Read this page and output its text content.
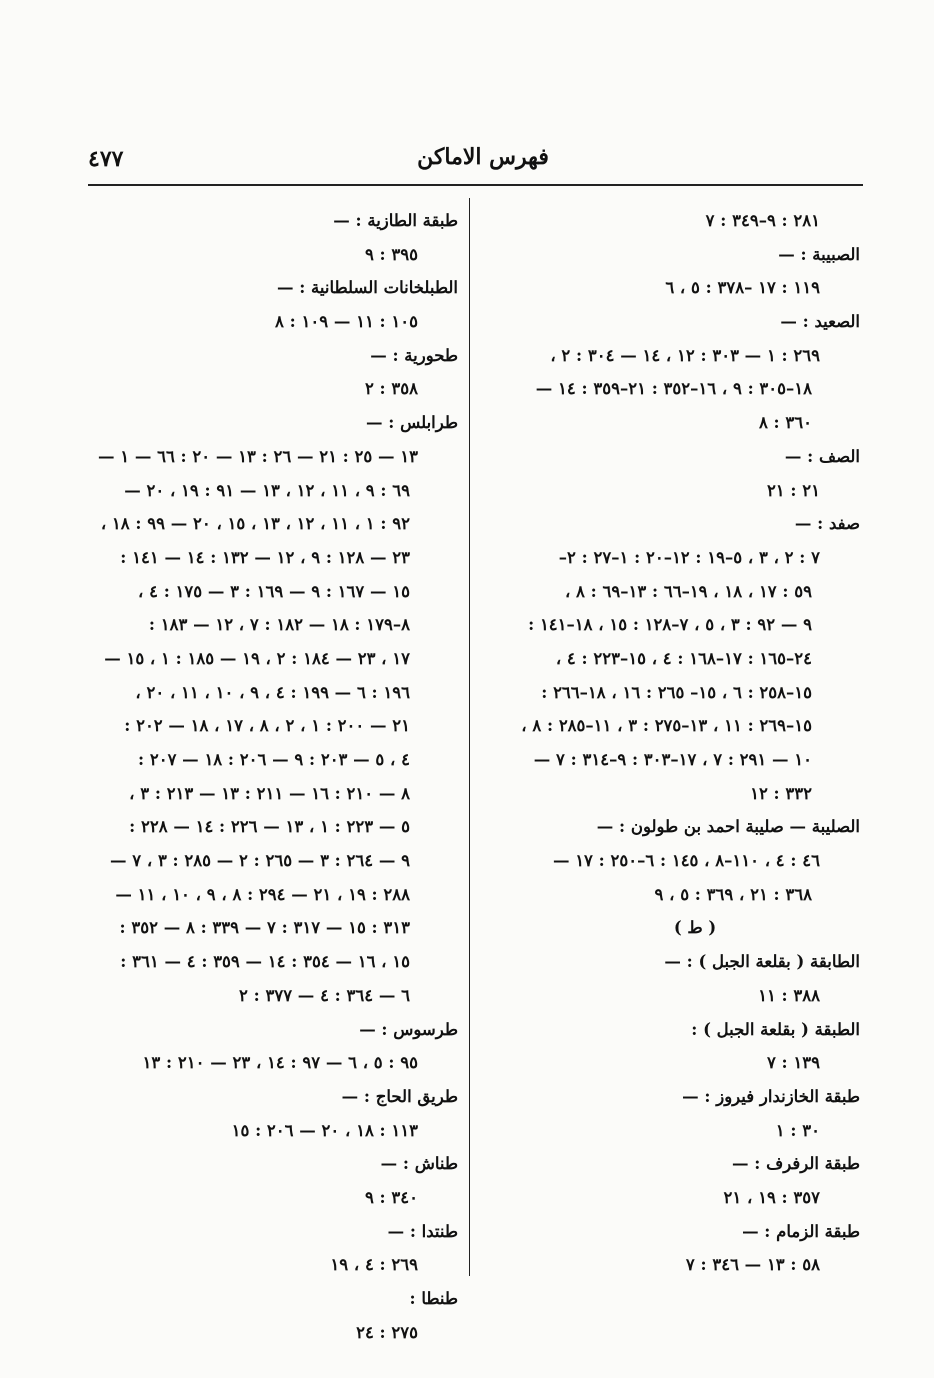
٤٧٧	فهرس الاماكن
٢٨١ : ٩–٣٤٩ : ٧
الصبيبة : —
١١٩ : ١٧ –٣٧٨ : ٥ ، ٦
الصعيد : —
٢٦٩ : ١ — ٣٠٣ : ١٢ ، ١٤ — ٣٠٤ : ٢ ،
١٨–٣٠٥ : ٩ ، ١٦–٣٥٢ : ٢١–٣٥٩ : ١٤ —
٣٦٠ : ٨
الصف : —
٢١ : ٢١
صفد : —
٧ : ٢ ، ٣ ، ٥–١٩ : ١٢–٢٠ : ١–٢٧ : ٢–
٥٩ : ١٧ ، ١٨ ، ١٩–٦٦ : ١٣–٦٩ : ٨ ،
٩ — ٩٢ : ٣ ، ٥ ، ٧–١٢٨ : ١٥ ، ١٨–١٤١ :
٢٤–١٦٥ : ١٧–١٦٨ : ٤ ، ١٥–٢٢٣ : ٤ ،
١٥–٢٥٨ : ٦ ، ١٥– ٢٦٥ : ١٦ ، ١٨–٢٦٦ :
١٥–٢٦٩ : ١١ ، ١٣–٢٧٥ : ٣ ، ١١–٢٨٥ : ٨ ،
١٠ — ٢٩١ : ٧ ، ١٧–٣٠٣ : ٩–٣١٤ : ٧ —
٣٣٢ : ١٢
الصليبة — صليبة احمد بن طولون : —
٤٦ : ٤ ، ١١٠–٨ ، ١٤٥ : ٦–٢٥٠ : ١٧ —
٣٦٨ : ٢١ ، ٣٦٩ : ٥ ، ٩
( ط )
الطابقة ( بقلعة الجبل ) : —
٣٨٨ : ١١
الطبقة ( بقلعة الجبل ) :
١٣٩ : ٧
طبقة الخازندار فيروز : —
٣٠ : ١
طبقة الرفرف : —
٣٥٧ : ١٩ ، ٢١
طبقة الزمام : —
٥٨ : ١٣ — ٣٤٦ : ٧
طبقة الطازية : —
٣٩٥ : ٩
الطبلخانات السلطانية : —
١٠٥ : ١١ — ١٠٩ : ٨
طحورية : —
٣٥٨ : ٢
طرابلس : —
١٣ — ٢٥ : ٢١ — ٢٦ : ١٣ — ٢٠ : ٦٦ — ١ —
٦٩ : ٩ ، ١١ ، ١٢ ، ١٣ — ٩١ : ١٩ ، ٢٠ —
٩٢ : ١ ، ١١ ، ١٢ ، ١٣ ، ١٥ ، ٢٠ — ٩٩ : ١٨ ،
٢٣ — ١٢٨ : ٩ ، ١٢ — ١٣٢ : ١٤ — ١٤١ :
١٥ — ١٦٧ : ٩ — ١٦٩ : ٣ — ١٧٥ : ٤ ،
٨–١٧٩ : ١٨ — ١٨٢ : ٧ ، ١٢ — ١٨٣ :
١٧ ، ٢٣ — ١٨٤ : ٢ ، ١٩ — ١٨٥ : ١ ، ١٥ —
١٩٦ : ٦ — ١٩٩ : ٤ ، ٩ ، ١٠ ، ١١ ، ٢٠ ،
٢١ — ٢٠٠ : ١ ، ٢ ، ٨ ، ١٧ ، ١٨ — ٢٠٢ :
٤ ، ٥ — ٢٠٣ : ٩ — ٢٠٦ : ١٨ — ٢٠٧ :
٨ — ٢١٠ : ١٦ — ٢١١ : ١٣ — ٢١٣ : ٣ ،
٥ — ٢٢٣ : ١ ، ١٣ — ٢٢٦ : ١٤ — ٢٢٨ :
٩ — ٢٦٤ : ٣ — ٢٦٥ : ٢ — ٢٨٥ : ٣ ، ٧ —
٢٨٨ : ١٩ ، ٢١ — ٢٩٤ : ٨ ، ٩ ، ١٠ ، ١١ —
٣١٣ : ١٥ — ٣١٧ : ٧ — ٣٣٩ : ٨ — ٣٥٢ :
١٥ ، ١٦ — ٣٥٤ : ١٤ — ٣٥٩ : ٤ — ٣٦١ :
٦ — ٣٦٤ : ٤ — ٣٧٧ : ٢
طرسوس : —
٩٥ : ٥ ، ٦ — ٩٧ : ١٤ ، ٢٣ — ٢١٠ : ١٣
طريق الحاج : —
١١٣ : ١٨ ، ٢٠ — ٢٠٦ : ١٥
طناش : —
٣٤٠ : ٩
طنتدا : —
٢٦٩ : ٤ ، ١٩
طنطا :
٢٧٥ : ٢٤
